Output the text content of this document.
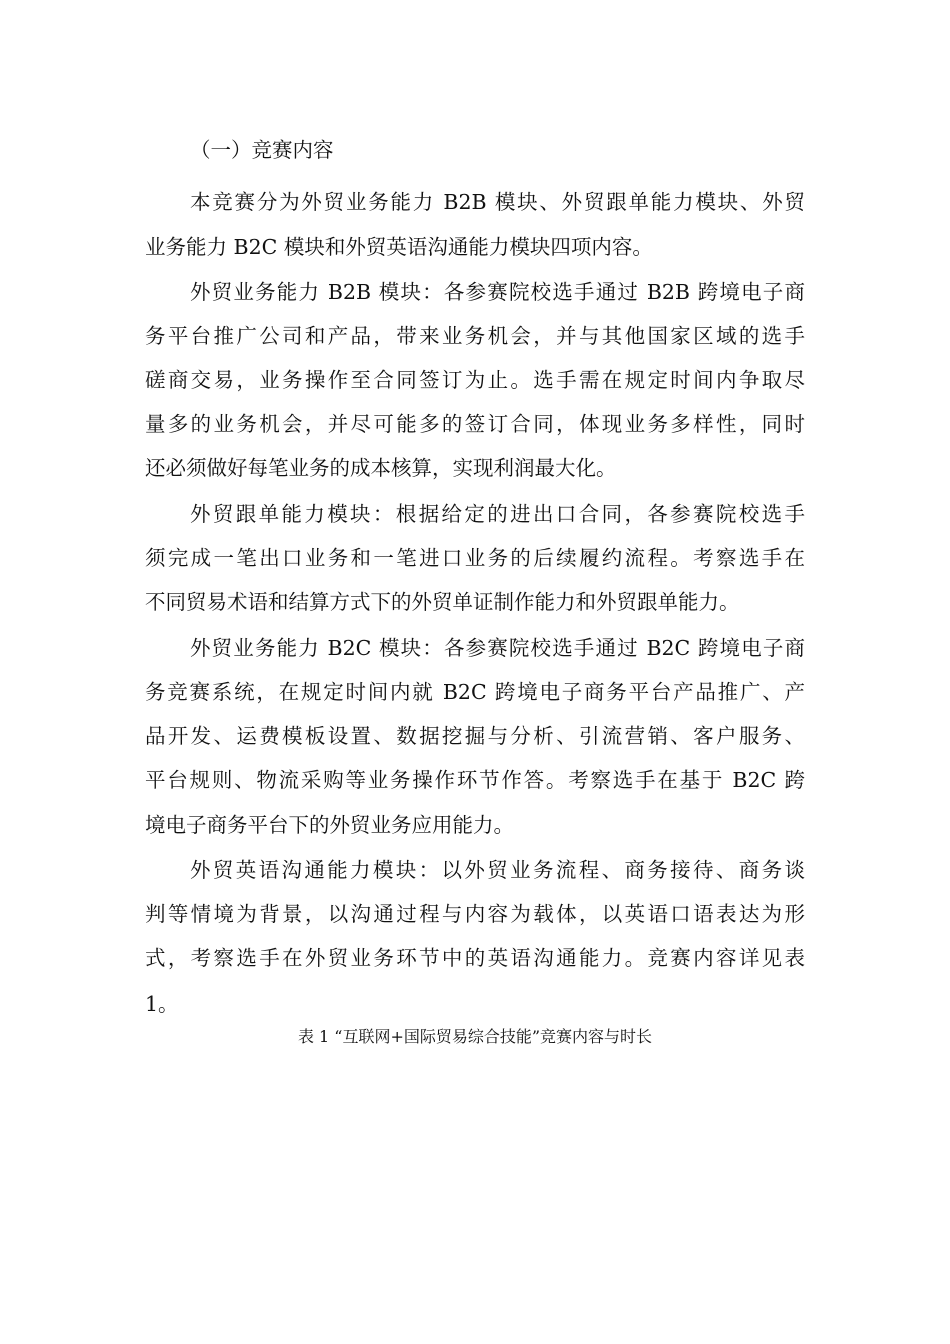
（一）竞赛内容
本竞赛分为外贸业务能力 B2B 模块、外贸跟单能力模块、外贸
业务能力 B2C 模块和外贸英语沟通能力模块四项内容。
外贸业务能力 B2B 模块：各参赛院校选手通过 B2B 跨境电子商
务平台推广公司和产品，带来业务机会，并与其他国家区域的选手
磋商交易，业务操作至合同签订为止。选手需在规定时间内争取尽
量多的业务机会，并尽可能多的签订合同，体现业务多样性，同时
还必须做好每笔业务的成本核算，实现利润最大化。
外贸跟单能力模块：根据给定的进出口合同，各参赛院校选手
须完成一笔出口业务和一笔进口业务的后续履约流程。考察选手在
不同贸易术语和结算方式下的外贸单证制作能力和外贸跟单能力。
外贸业务能力 B2C 模块：各参赛院校选手通过 B2C 跨境电子商
务竞赛系统，在规定时间内就 B2C 跨境电子商务平台产品推广、产
品开发、运费模板设置、数据挖掘与分析、引流营销、客户服务、
平台规则、物流采购等业务操作环节作答。考察选手在基于 B2C 跨
境电子商务平台下的外贸业务应用能力。
外贸英语沟通能力模块：以外贸业务流程、商务接待、商务谈
判等情境为背景，以沟通过程与内容为载体，以英语口语表达为形
式，考察选手在外贸业务环节中的英语沟通能力。竞赛内容详见表
1。
表 1 “互联网+国际贸易综合技能”竞赛内容与时长
